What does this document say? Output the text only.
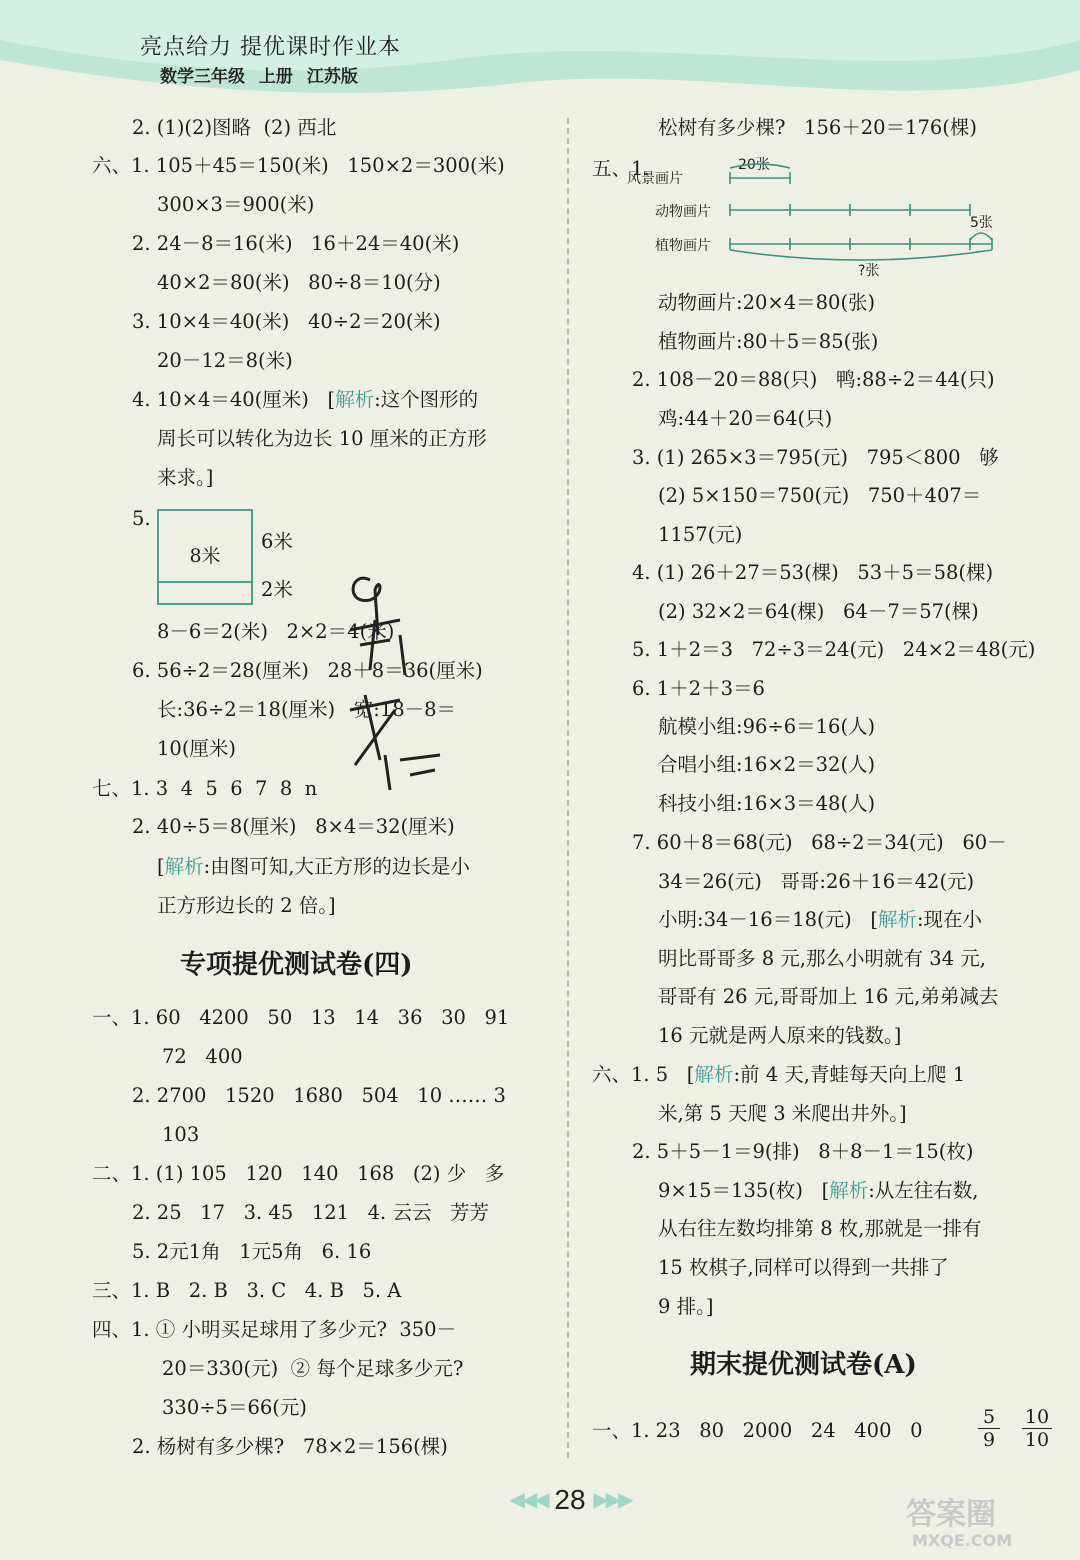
亮点给力 提优课时作业本
数学三年级 上册 江苏版
2. (1)(2)图略  (2) 西北
六、1. 105＋45＝150(米)   150×2＝300(米)
300×3＝900(米)
2. 24－8＝16(米)   16＋24＝40(米)
40×2＝80(米)   80÷8＝10(分)
3. 10×4＝40(米)   40÷2＝20(米)
20－12＝8(米)
4. 10×4＝40(厘米)   [解析:这个图形的
周长可以转化为边长 10 厘米的正方形
来求。]
5.
8米
6米
2米
8－6＝2(米)   2×2＝4(米)
6. 56÷2＝28(厘米)   28＋8＝36(厘米)
长:36÷2＝18(厘米)   宽:18－8＝
10(厘米)
七、1. 3  4  5  6  7  8  n
2. 40÷5＝8(厘米)   8×4＝32(厘米)
[解析:由图可知,大正方形的边长是小
正方形边长的 2 倍。]
专项提优测试卷(四)
一、1. 60   4200   50   13   14   36   30   91
72   400
2. 2700   1520   1680   504   10 …… 3
103
二、1. (1) 105   120   140   168   (2) 少   多
2. 25   17   3. 45   121   4. 云云   芳芳
5. 2元1角   1元5角   6. 16
三、1. B   2. B   3. C   4. B   5. A
四、1. ① 小明买足球用了多少元?  350－
20＝330(元)  ② 每个足球多少元?
330÷5＝66(元)
2. 杨树有多少棵?   78×2＝156(棵)
松树有多少棵?   156＋20＝176(棵)
五、1.
风景画片
动物画片
植物画片
20张
5张
?张
动物画片:20×4＝80(张)
植物画片:80＋5＝85(张)
2. 108－20＝88(只)   鸭:88÷2＝44(只)
鸡:44＋20＝64(只)
3. (1) 265×3＝795(元)   795＜800   够
(2) 5×150＝750(元)   750＋407＝
1157(元)
4. (1) 26＋27＝53(棵)   53＋5＝58(棵)
(2) 32×2＝64(棵)   64－7＝57(棵)
5. 1＋2＝3   72÷3＝24(元)   24×2＝48(元)
6. 1＋2＋3＝6
航模小组:96÷6＝16(人)
合唱小组:16×2＝32(人)
科技小组:16×3＝48(人)
7. 60＋8＝68(元)   68÷2＝34(元)   60－
34＝26(元)   哥哥:26＋16＝42(元)
小明:34－16＝18(元)   [解析:现在小
明比哥哥多 8 元,那么小明就有 34 元,
哥哥有 26 元,哥哥加上 16 元,弟弟减去
16 元就是两人原来的钱数。]
六、1. 5   [解析:前 4 天,青蛙每天向上爬 1
米,第 5 天爬 3 米爬出井外。]
2. 5＋5－1＝9(排)   8＋8－1＝15(枚)
9×15＝135(枚)   [解析:从左往右数,
从右往左数均排第 8 枚,那就是一排有
15 枚棋子,同样可以得到一共排了
9 排。]
期末提优测试卷(A)
一、1. 23   80   2000   24   400   0	$\frac{5}{9} \frac{10}{10}$
◀◀◀ 28 ▶▶▶	答案圈
MXQE.COM
